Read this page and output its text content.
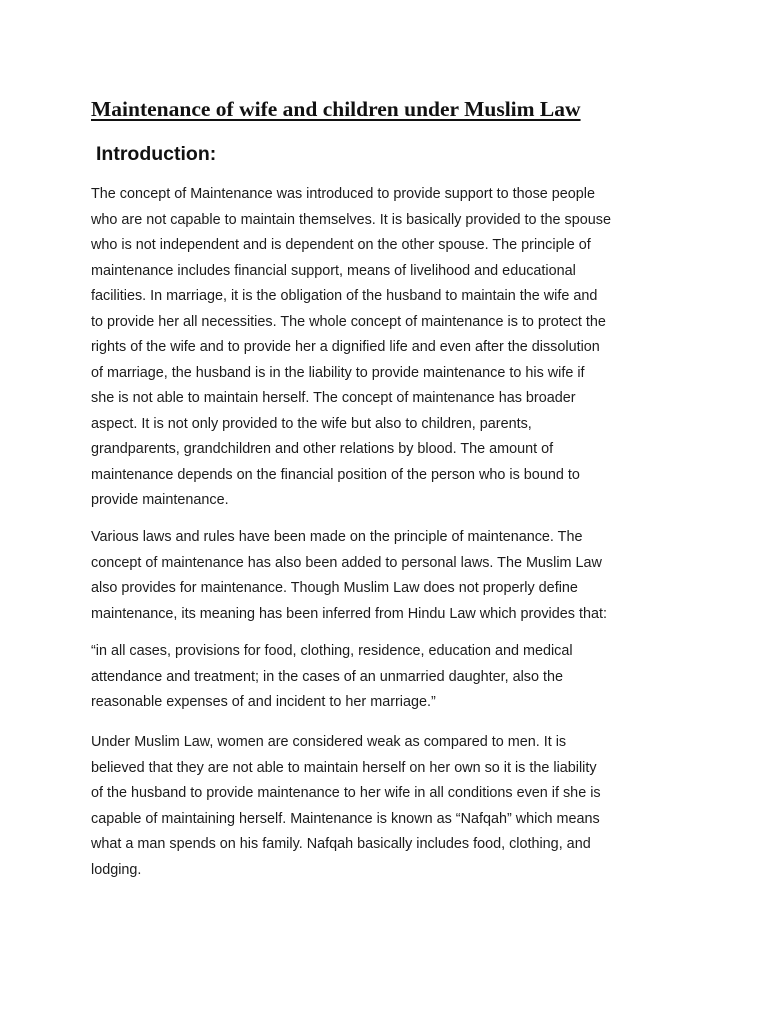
Maintenance of wife and children under Muslim Law
Introduction:

The concept of Maintenance was introduced to provide support to those people
who are not capable to maintain themselves. It is basically provided to the spouse
who is not independent and is dependent on the other spouse. The principle of
maintenance includes financial support, means of livelihood and educational
facilities. In marriage, it is the obligation of the husband to maintain the wife and
to provide her all necessities. The whole concept of maintenance is to protect the
rights of the wife and to provide her a dignified life and even after the dissolution
of marriage, the husband is in the liability to provide maintenance to his wife if
she is not able to maintain herself. The concept of maintenance has broader
aspect. It is not only provided to the wife but also to children, parents,
grandparents, grandchildren and other relations by blood. The amount of
maintenance depends on the financial position of the person who is bound to
provide maintenance.

Various laws and rules have been made on the principle of maintenance. The
concept of maintenance has also been added to personal laws. The Muslim Law
also provides for maintenance. Though Muslim Law does not properly define
maintenance, its meaning has been inferred from Hindu Law which provides that:

“in all cases, provisions for food, clothing, residence, education and medical
attendance and treatment; in the cases of an unmarried daughter, also the
reasonable expenses of and incident to her marriage.”

Under Muslim Law, women are considered weak as compared to men. It is
believed that they are not able to maintain herself on her own so it is the liability
of the husband to provide maintenance to her wife in all conditions even if she is
capable of maintaining herself. Maintenance is known as “Nafqah” which means
what a man spends on his family. Nafqah basically includes food, clothing, and
lodging.
